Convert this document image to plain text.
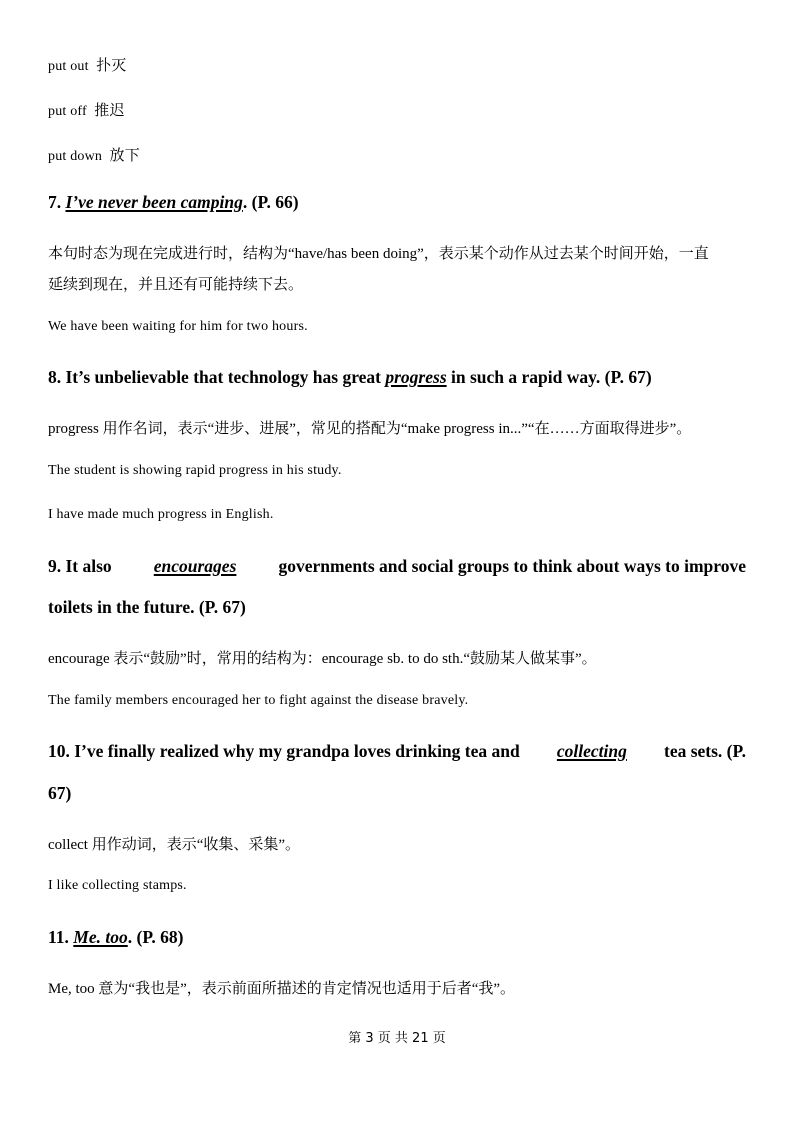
put out 扑灭
put off 推迟
put down 放下
7. I’ve never been camping. (P. 66)
本句时态为现在完成进行时，结构为“have/has been doing”，表示某个动作从过去某个时间开始，一直
延续到现在，并且还有可能持续下去。
We have been waiting for him for two hours.
8. It’s unbelievable that technology has great progress in such a rapid way. (P. 67)
progress 用作名词，表示“进步、进展”，常见的搭配为“make progress in...”“在……方面取得进步”。
The student is showing rapid progress in his study.
I have made much progress in English.
9. It also encourages governments and social groups to think about ways to improve
toilets in the future. (P. 67)
encourage 表示“鼓励”时，常用的结构为：encourage sb. to do sth.“鼓励某人做某事”。
The family members encouraged her to fight against the disease bravely.
10. I’ve finally realized why my grandpa loves drinking tea and collecting tea sets. (P.
67)
collect 用作动词，表示“收集、采集”。
I like collecting stamps.
11. Me. too. (P. 68)
Me, too 意为“我也是”，表示前面所描述的肯定情况也适用于后者“我”。
第 3 页 共 21 页
